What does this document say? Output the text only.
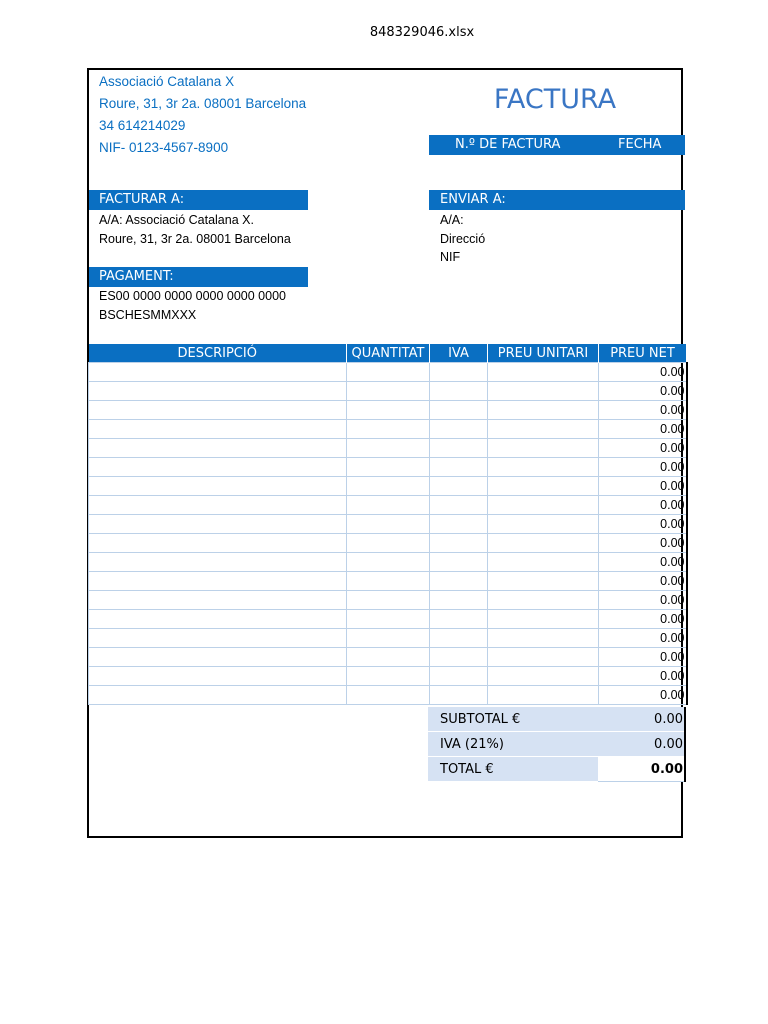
848329046.xlsx
Associació Catalana X
Roure, 31, 3r 2a. 08001 Barcelona
34 614214029
NIF- 0123-4567-8900
FACTURA
N.º DE FACTURA	FECHA
FACTURAR A:
A/A: Associació Catalana X.
Roure, 31, 3r 2a. 08001 Barcelona
ENVIAR A:
A/A:
Direcció
NIF
PAGAMENT:
ES00 0000 0000 0000 0000 0000
BSCHESMMXXX
DESCRIPCIÓ	QUANTITAT	IVA	PREU UNITARI	PREU NET
				0.00
				0.00
				0.00
				0.00
				0.00
				0.00
				0.00
				0.00
				0.00
				0.00
				0.00
				0.00
				0.00
				0.00
				0.00
				0.00
				0.00
				0.00
SUBTOTAL €	0.00
IVA (21%)	0.00
TOTAL €	0.00
